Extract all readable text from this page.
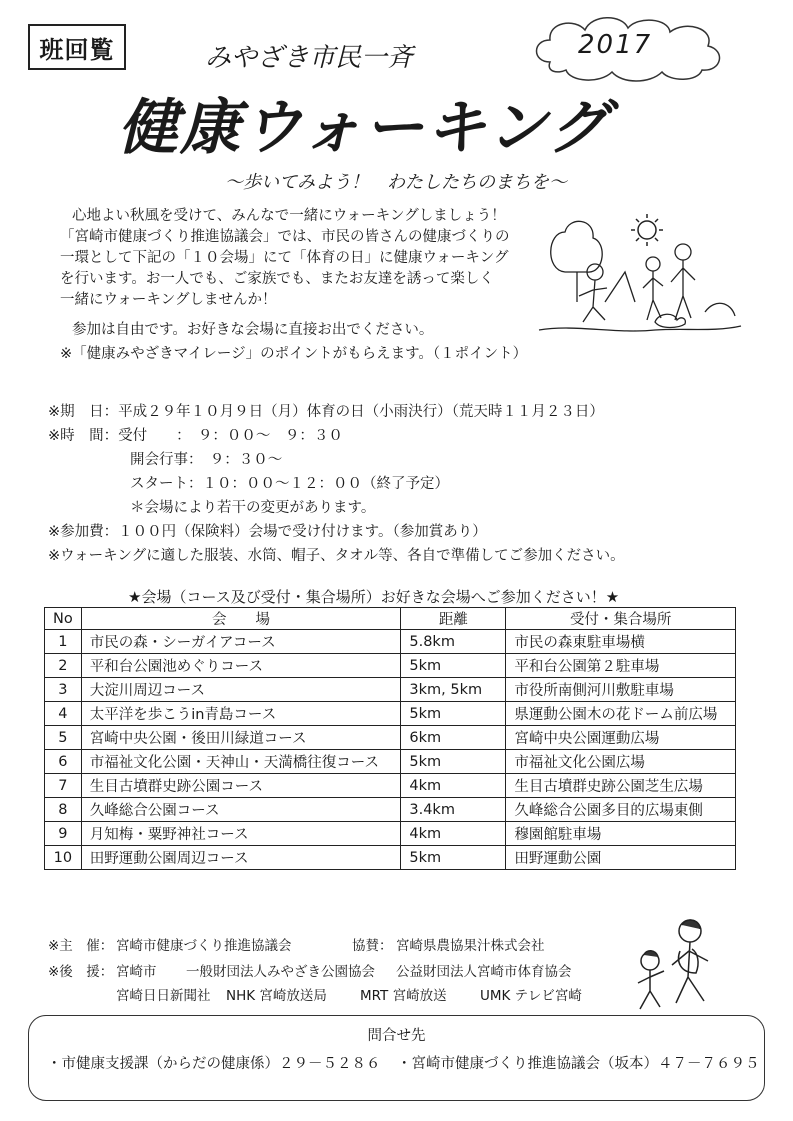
班回覧	2017
みやざき市民一斉
健康ウォーキング
～歩いてみよう！　わたしたちのまちを～
心地よい秋風を受けて、みんなで一緒にウォーキングしましょう！
「宮崎市健康づくり推進協議会」では、市民の皆さんの健康づくりの
一環として下記の「１０会場」にて「体育の日」に健康ウォーキング
を行います。お一人でも、ご家族でも、またお友達を誘って楽しく
一緒にウォーキングしませんか！
参加は自由です。お好きな会場に直接お出でください。
※「健康みやざきマイレージ」のポイントがもらえます。（１ポイント）
※期　日：平成２９年１０月９日（月）体育の日（小雨決行）（荒天時１１月２３日）
※時　間：受付　　：　９：００～　９：３０
開会行事：　９：３０～
スタート：１０：００～１２：００（終了予定）
＊会場により若干の変更があります。
※参加費：１００円（保険料）会場で受け付けます。（参加賞あり）
※ウォーキングに適した服装、水筒、帽子、タオル等、各自で準備してご参加ください。
★会場（コース及び受付・集合場所）お好きな会場へご参加ください！★
No	会　　場	距離	受付・集合場所
1	市民の森・シーガイアコース	5.8km	市民の森東駐車場横
2	平和台公園池めぐりコース	5km	平和台公園第２駐車場
3	大淀川周辺コース	3km, 5km	市役所南側河川敷駐車場
4	太平洋を歩こうin青島コース	5km	県運動公園木の花ドーム前広場
5	宮崎中央公園・後田川緑道コース	6km	宮崎中央公園運動広場
6	市福祉文化公園・天神山・天満橋往復コース	5km	市福祉文化公園広場
7	生目古墳群史跡公園コース	4km	生目古墳群史跡公園芝生広場
8	久峰総合公園コース	3.4km	久峰総合公園多目的広場東側
9	月知梅・粟野神社コース	4km	穆園館駐車場
10	田野運動公園周辺コース	5km	田野運動公園
※主　催： 宮崎市健康づくり推進協議会	協賛： 宮崎県農協果汁株式会社
※後　援： 宮崎市 一般財団法人みやざき公園協会 公益財団法人宮崎市体育協会
宮崎日日新聞社 NHK 宮崎放送局 MRT 宮崎放送 UMK テレビ宮崎
問合せ先
・市健康支援課（からだの健康係）２９－５２８６ ・宮崎市健康づくり推進協議会（坂本）４７－７６９５
